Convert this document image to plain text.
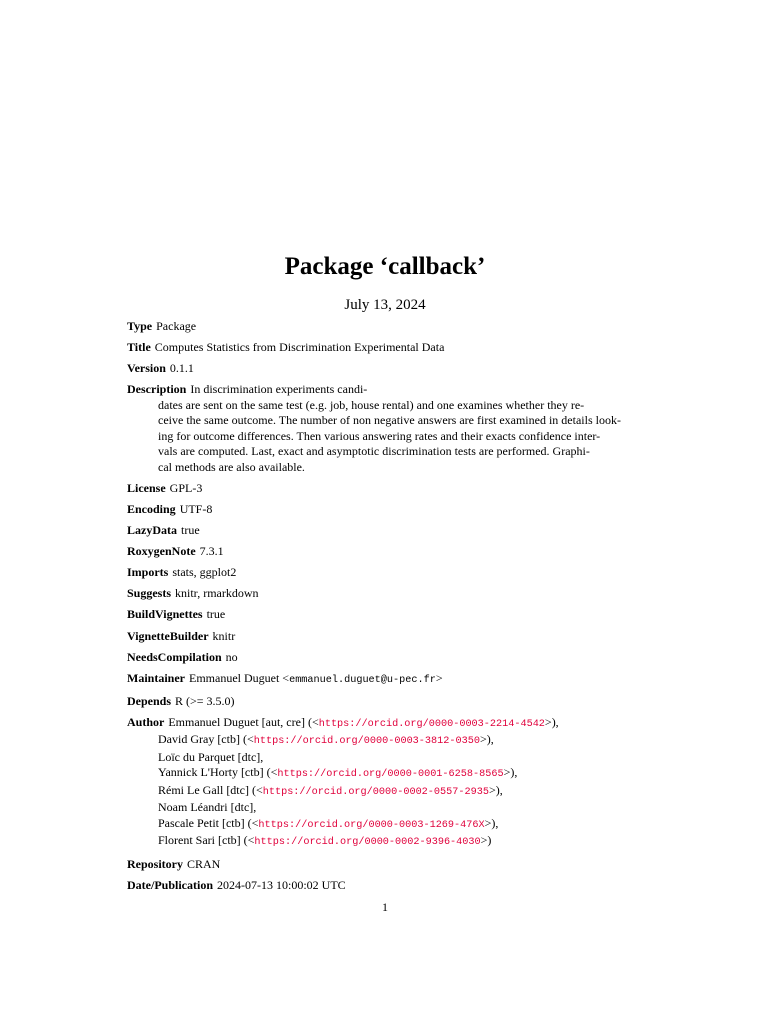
Package ‘callback’
July 13, 2024
Type Package
Title Computes Statistics from Discrimination Experimental Data
Version 0.1.1
Description In discrimination experiments candi-
dates are sent on the same test (e.g. job, house rental) and one examines whether they re-
ceive the same outcome. The number of non negative answers are first examined in details look-
ing for outcome differences. Then various answering rates and their exacts confidence inter-
vals are computed. Last, exact and asymptotic discrimination tests are performed. Graphi-
cal methods are also available.
License GPL-3
Encoding UTF-8
LazyData true
RoxygenNote 7.3.1
Imports stats, ggplot2
Suggests knitr, rmarkdown
BuildVignettes true
VignetteBuilder knitr
NeedsCompilation no
Maintainer Emmanuel Duguet <emmanuel.duguet@u-pec.fr>
Depends R (>= 3.5.0)
Author Emmanuel Duguet [aut, cre] (<https://orcid.org/0000-0003-2214-4542>),
David Gray [ctb] (<https://orcid.org/0000-0003-3812-0350>),
Loïc du Parquet [dtc],
Yannick L'Horty [ctb] (<https://orcid.org/0000-0001-6258-8565>),
Rémi Le Gall [dtc] (<https://orcid.org/0000-0002-0557-2935>),
Noam Léandri [dtc],
Pascale Petit [ctb] (<https://orcid.org/0000-0003-1269-476X>),
Florent Sari [ctb] (<https://orcid.org/0000-0002-9396-4030>)
Repository CRAN
Date/Publication 2024-07-13 10:00:02 UTC
1
